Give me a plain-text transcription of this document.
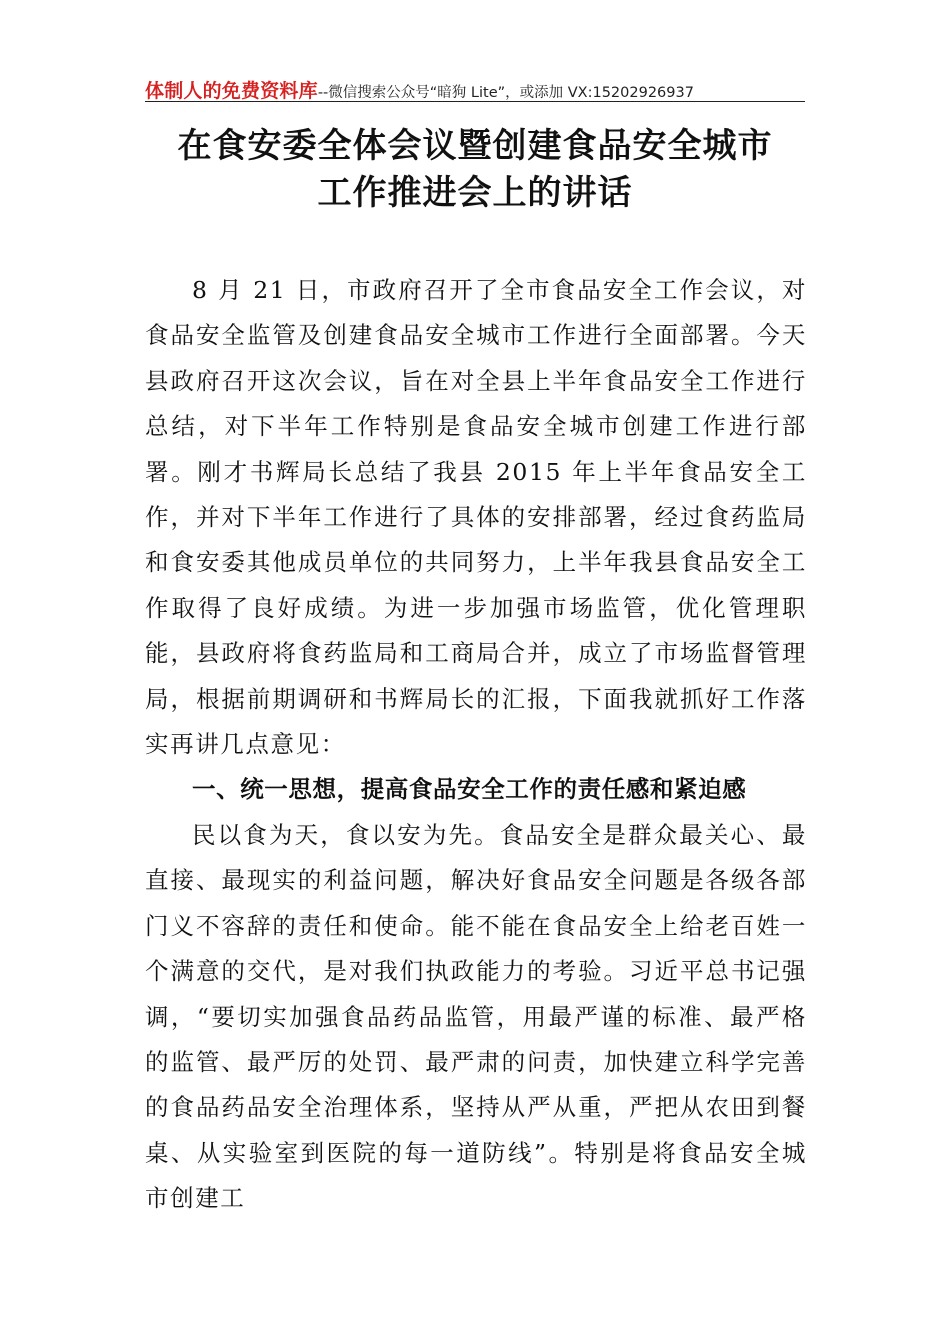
体制人的免费资料库--微信搜索公众号“暗狗 Lite”，或添加 VX:15202926937
在食安委全体会议暨创建食品安全城市
工作推进会上的讲话

8 月 21 日，市政府召开了全市食品安全工作会议，对食品安全监管及创建食品安全城市工作进行全面部署。今天县政府召开这次会议，旨在对全县上半年食品安全工作进行总结，对下半年工作特别是食品安全城市创建工作进行部署。刚才书辉局长总结了我县 2015 年上半年食品安全工作，并对下半年工作进行了具体的安排部署，经过食药监局和食安委其他成员单位的共同努力，上半年我县食品安全工作取得了良好成绩。为进一步加强市场监管，优化管理职能，县政府将食药监局和工商局合并，成立了市场监督管理局，根据前期调研和书辉局长的汇报，下面我就抓好工作落实再讲几点意见：

一、统一思想，提高食品安全工作的责任感和紧迫感

民以食为天，食以安为先。食品安全是群众最关心、最直接、最现实的利益问题，解决好食品安全问题是各级各部门义不容辞的责任和使命。能不能在食品安全上给老百姓一个满意的交代，是对我们执政能力的考验。习近平总书记强调，“要切实加强食品药品监管，用最严谨的标准、最严格的监管、最严厉的处罚、最严肃的问责，加快建立科学完善的食品药品安全治理体系，坚持从严从重，严把从农田到餐桌、从实验室到医院的每一道防线”。特别是将食品安全城市创建工
